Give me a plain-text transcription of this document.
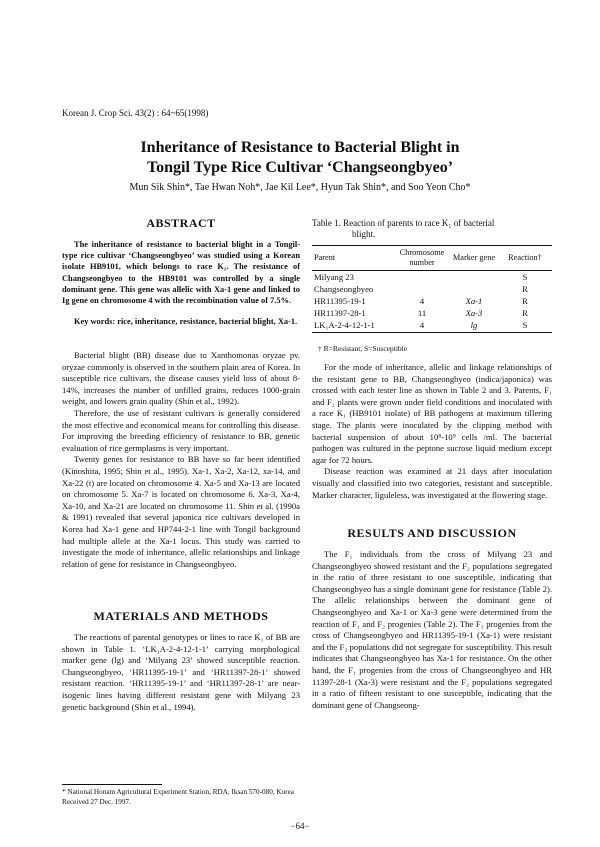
Korean J. Crop Sci. 43(2) : 64~65(1998)
Inheritance of Resistance to Bacterial Blight in
Tongil Type Rice Cultivar ‘Changseongbyeo’
Mun Sik Shin*, Tae Hwan Noh*, Jae Kil Lee*, Hyun Tak Shin*, and Soo Yeon Cho*
ABSTRACT

The inheritance of resistance to bacterial blight in a Tongil-type rice cultivar ‘Changseongbyeo’ was studied using a Korean isolate HB9101, which belongs to race K₁. The resistance of Changseongbyeo to the HB9101 was controlled by a single dominant gene. This gene was allelic with Xa-1 gene and linked to Ig gene on chromosome 4 with the recombination value of 7.5%.

Key words: rice, inheritance, resistance, bacterial blight, Xa-1.

Bacterial blight (BB) disease due to Xanthomonas oryzae pv. oryzae commonly is observed in the southern plain area of Korea. In susceptible rice cultivars, the disease causes yield loss of about 8-14%, increases the number of unfilled grains, reduces 1000-grain weight, and lowers grain quality (Shin et al., 1992).

Therefore, the use of resistant cultivars is generally considered the most effective and economical means for controlling this disease. For improving the breeding efficiency of resistance to BB, genetic evaluation of rice germplasms is very important.

Twenty genes for resistance to BB have so far been identified (Kinoshita, 1995; Shin et al., 1995). Xa-1, Xa-2, Xa-12, xa-14, and Xa-22 (t) are located on chromosome 4. Xa-5 and Xa-13 are located on chromosome 5. Xa-7 is located on chromosome 6. Xa-3, Xa-4, Xa-10, and Xa-21 are located on chromosome 11. Shin et al. (1990a & 1991) revealed that several japonica rice cultivars developed in Korea had Xa-1 gene and HP744-2-1 line with Tongil background had multiple allele at the Xa-1 locus. This study was carried to investigate the mode of inheritance, allelic relationships and linkage relation of gene for resistance in Changseongbyeo.

MATERIALS AND METHODS

The reactions of parental genotypes or lines to race K₁ of BB are shown in Table 1. ‘LK₁A-2-4-12-1-1’ carrying morphological marker gene (lg) and ‘Milyang 23’ showed susceptible reaction. Changseongbyeo, ‘HR11395-19-1’ and ‘HR11397-28-1’ showed resistant reaction. ‘HR11395-19-1’ and ‘HR11397-28-1’ are near-isogenic lines having different resistant gene with Milyang 23 genetic background (Shin et al., 1994).

Table 1. Reaction of parents to race K₁ of bacterial
blight.
Parent	Chromosome number	Marker gene	Reaction†
Milyang 23			S
Changseongbyeo			R
HR11395-19-1	4	Xa-1	R
HR11397-28-1	11	Xa-3	R
LK₁A-2-4-12-1-1	4	lg	S
† R=Resistant, S=Susceptible

For the mode of inheritance, allelic and linkage relationships of the resistant gene to BB, Changseongbyeo (indica/japonica) was crossed with each tester line as shown in Table 2 and 3. Parents, F₁ and F₂ plants were grown under field conditions and inoculated with a race K₁ (HB9101 isolate) of BB pathogens at maximum tillering stage. The plants were inoculated by the clipping method with bacterial suspension of about 10⁸-10⁹ cells /ml. The bacterial pathogen was cultured in the peptone sucrose liquid medium except agar for 72 hours.

Disease reaction was examined at 21 days after inoculation visually and classified into two categories, resistant and susceptible. Marker character, liguleless, was investigated at the flowering stage.

RESULTS AND DISCUSSION

The F₁ individuals from the cross of Milyang 23 and Changseongbyeo showed resistant and the F₂ populations segregated in the ratio of three resistant to one susceptible, indicating that Changseongbyeo has a single dominant gene for resistance (Table 2). The allelic relationships between the dominant gene of Changseongbyeo and Xa-1 or Xa-3 gene were determined from the reaction of F₁ and F₂ progenies (Table 2). The F₁ progenies from the cross of Changseongbyeo and HR11395-19-1 (Xa-1) were resistant and the F₂ populations did not segregate for susceptibility. This result indicates that Changseongbyeo has Xa-1 for resistance. On the other hand, the F₁ progenies from the cross of Changseongbyeo and HR 11397-28-1 (Xa-3) were resistant and the F₂ populations segregated in a ratio of fifteen resistant to one susceptible, indicating that the dominant gene of Changseong-

* National Honam Agricultural Experiment Station, RDA, Iksan 570-080, Korea
Received 27 Dec. 1997.
−64−
